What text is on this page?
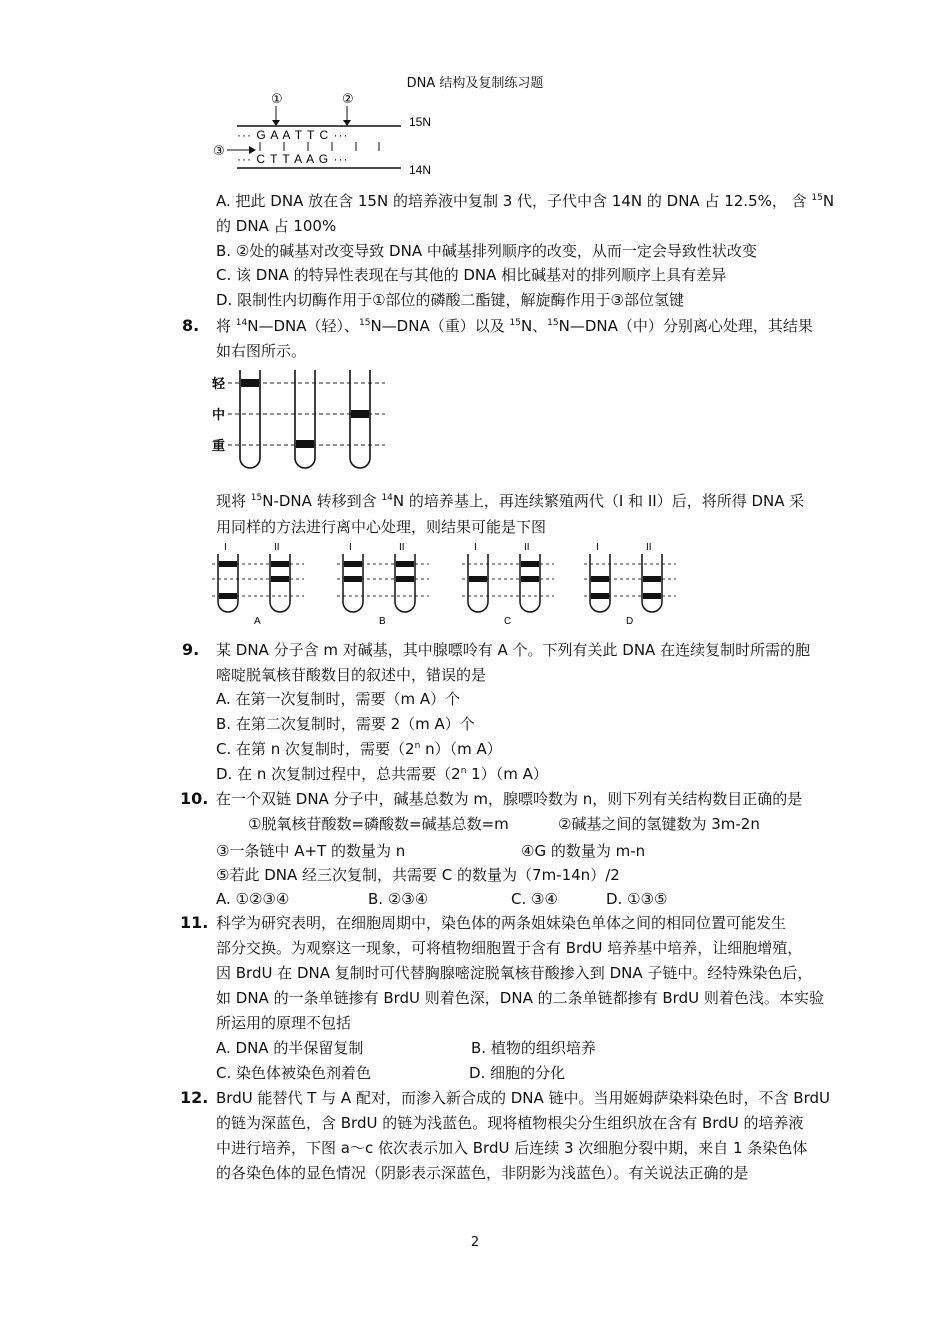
DNA 结构及复制练习题
①	②
··· G A A T T C ···
③
··· C T T A A G ···
15N
14N
A. 把此 DNA 放在含 15N 的培养液中复制 3 代，子代中含 14N 的 DNA 占 12.5%， 含 $^{15}$N
的 DNA 占 100%
B. ②处的碱基对改变导致 DNA 中碱基排列顺序的改变，从而一定会导致性状改变
C. 该 DNA 的特异性表现在与其他的 DNA 相比碱基对的排列顺序上具有差异
D. 限制性内切酶作用于①部位的磷酸二酯键，解旋酶作用于③部位氢键
8. 将 $^{14}$N—DNA（轻）、$^{15}$N—DNA（重）以及 $^{15}$N、$^{15}$N—DNA（中）分别离心处理，其结果
如右图所示。
轻
中
重
现将 $^{15}$N-DNA 转移到含 $^{14}$N 的培养基上，再连续繁殖两代（I 和 II）后，将所得 DNA 采
用同样的方法进行离中心处理，则结果可能是下图
I	II
A
I	II
B
I	II
C
I	II
D
9. 某 DNA 分子含 m 对碱基，其中腺嘌呤有 A 个。下列有关此 DNA 在连续复制时所需的胞
嘧啶脱氧核苷酸数目的叙述中，错误的是
A. 在第一次复制时，需要（m A）个
B. 在第二次复制时，需要 2（m A）个
C. 在第 n 次复制时，需要（2$^n$ n）（m A）
D. 在 n 次复制过程中，总共需要（2$^n$ 1）（m A）
10. 在一个双链 DNA 分子中，碱基总数为 m，腺嘌呤数为 n，则下列有关结构数目正确的是
①脱氧核苷酸数=磷酸数=碱基总数=m	②碱基之间的氢键数为 3m-2n
③一条链中 A+T 的数量为 n	④G 的数量为 m-n
⑤若此 DNA 经三次复制，共需要 C 的数量为（7m-14n）/2
A. ①②③④	B. ②③④	C. ③④	D. ①③⑤
11. 科学为研究表明，在细胞周期中，染色体的两条姐妹染色单体之间的相同位置可能发生
部分交换。为观察这一现象，可将植物细胞置于含有 BrdU 培养基中培养，让细胞增殖，
因 BrdU 在 DNA 复制时可代替胸腺嘧淀脱氧核苷酸掺入到 DNA 子链中。经特殊染色后，
如 DNA 的一条单链掺有 BrdU 则着色深，DNA 的二条单链都掺有 BrdU 则着色浅。本实验
所运用的原理不包括
A. DNA 的半保留复制	B. 植物的组织培养
C. 染色体被染色剂着色	D. 细胞的分化
12. BrdU 能替代 T 与 A 配对，而渗入新合成的 DNA 链中。当用姬姆萨染料染色时，不含 BrdU
的链为深蓝色，含 BrdU 的链为浅蓝色。现将植物根尖分生组织放在含有 BrdU 的培养液
中进行培养，下图 a～c 依次表示加入 BrdU 后连续 3 次细胞分裂中期，来自 1 条染色体
的各染色体的显色情况（阴影表示深蓝色，非阴影为浅蓝色）。有关说法正确的是
2
